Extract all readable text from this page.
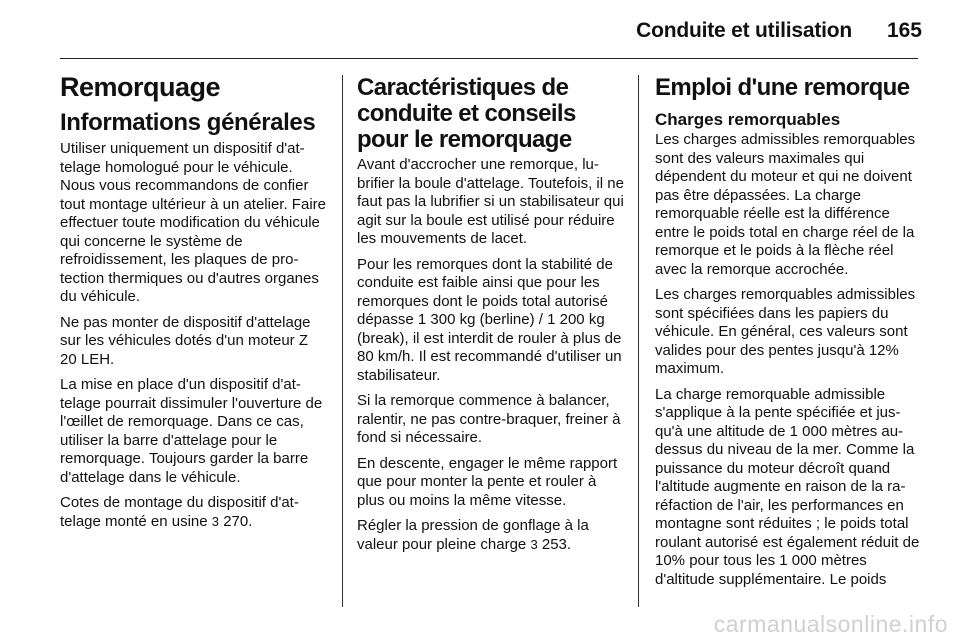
Conduite et utilisation 165
Remorquage
Informations générales

Utiliser uniquement un dispositif d'attelage homologué pour le véhicule. Nous vous recommandons de confier tout montage ultérieur à un atelier. Faire effectuer toute modification du véhicule qui concerne le système de refroidissement, les plaques de protection thermiques ou d'autres organes du véhicule.

Ne pas monter de dispositif d'attelage sur les véhicules dotés d'un moteur Z 20 LEH.

La mise en place d'un dispositif d'attelage pourrait dissimuler l'ouverture de l'œillet de remorquage. Dans ce cas, utiliser la barre d'attelage pour le remorquage. Toujours garder la barre d'attelage dans le véhicule.

Cotes de montage du dispositif d'attelage monté en usine 3 270.

Caractéristiques de conduite et conseils pour le remorquage

Avant d'accrocher une remorque, lubrifier la boule d'attelage. Toutefois, il ne faut pas la lubrifier si un stabilisateur qui agit sur la boule est utilisé pour réduire les mouvements de lacet.

Pour les remorques dont la stabilité de conduite est faible ainsi que pour les remorques dont le poids total autorisé dépasse 1 300 kg (berline) / 1 200 kg (break), il est interdit de rouler à plus de 80 km/h. Il est recommandé d'utiliser un stabilisateur.

Si la remorque commence à balancer, ralentir, ne pas contre-braquer, freiner à fond si nécessaire.

En descente, engager le même rapport que pour monter la pente et rouler à plus ou moins la même vitesse.

Régler la pression de gonflage à la valeur pour pleine charge 3 253.

Emploi d'une remorque
Charges remorquables

Les charges admissibles remorquables sont des valeurs maximales qui dépendent du moteur et qui ne doivent pas être dépassées. La charge remorquable réelle est la différence entre le poids total en charge réel de la remorque et le poids à la flèche réel avec la remorque accrochée.

Les charges remorquables admissibles sont spécifiées dans les papiers du véhicule. En général, ces valeurs sont valides pour des pentes jusqu'à 12% maximum.

La charge remorquable admissible s'applique à la pente spécifiée et jusqu'à une altitude de 1 000 mètres au-dessus du niveau de la mer. Comme la puissance du moteur décroît quand l'altitude augmente en raison de la raréfaction de l'air, les performances en montagne sont réduites ; le poids total roulant autorisé est également réduit de 10% pour tous les 1 000 mètres d'altitude supplémentaire. Le poids

carmanualsonline.info
